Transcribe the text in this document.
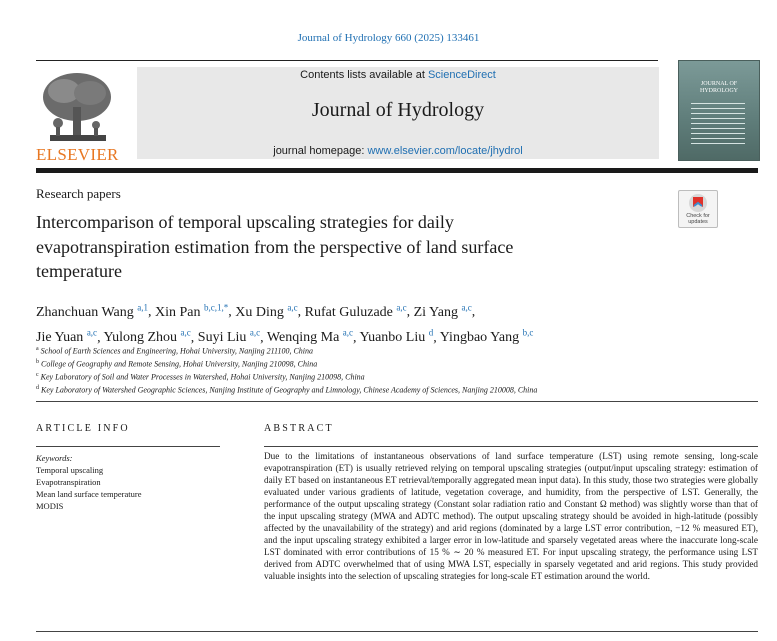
Journal of Hydrology 660 (2025) 133461
ELSEVIER
Contents lists available at ScienceDirect
Journal of Hydrology
journal homepage: www.elsevier.com/locate/jhydrol
JOURNAL OF HYDROLOGY
Research papers
Check for updates
Intercomparison of temporal upscaling strategies for daily evapotranspiration estimation from the perspective of land surface temperature
Zhanchuan Wang $^{a,1}$, Xin Pan $^{b,c,1,*}$, Xu Ding $^{a,c}$, Rufat Guluzade $^{a,c}$, Zi Yang $^{a,c}$,
Jie Yuan $^{a,c}$, Yulong Zhou $^{a,c}$, Suyi Liu $^{a,c}$, Wenqing Ma $^{a,c}$, Yuanbo Liu $^d$, Yingbao Yang $^{b,c}$
$^a$ School of Earth Sciences and Engineering, Hohai University, Nanjing 211100, China
$^b$ College of Geography and Remote Sensing, Hohai University, Nanjing 210098, China
$^c$ Key Laboratory of Soil and Water Processes in Watershed, Hohai University, Nanjing 210098, China
$^d$ Key Laboratory of Watershed Geographic Sciences, Nanjing Institute of Geography and Limnology, Chinese Academy of Sciences, Nanjing 210008, China
ARTICLE INFO
Keywords:
Temporal upscaling
Evapotranspiration
Mean land surface temperature
MODIS
ABSTRACT
Due to the limitations of instantaneous observations of land surface temperature (LST) using remote sensing, long-scale evapotranspiration (ET) is usually retrieved relying on temporal upscaling strategies (output/input upscaling strategy: estimation of daily ET based on instantaneous ET retrieval/temporally aggregated mean input data). In this study, those two strategies were globally evaluated under various gradients of latitude, vegetation coverage, and humidity, from the perspective of LST. Generally, the performance of the output upscaling strategy (Constant solar radiation ratio and Constant Ω method) was slightly worse than that of the input upscaling strategy (MWA and ADTC method). The output upscaling strategy should be avoided in high-latitude (possibly affected by the unavailability of the strategy) and arid regions (dominated by a large LST error contribution, −12 % measured ET), and the input upscaling strategy exhibited a larger error in low-latitude and sparsely vegetated areas where the inaccurate long-scale LST dominated with error contributions of 15 % ∼ 20 % measured ET. For input upscaling strategy, the performance using LST derived from ADTC overwhelmed that of using MWA LST, especially in sparsely vegetated and arid regions. This study provided valuable insights into the selection of upscaling strategies for long-scale ET estimation around the world.
